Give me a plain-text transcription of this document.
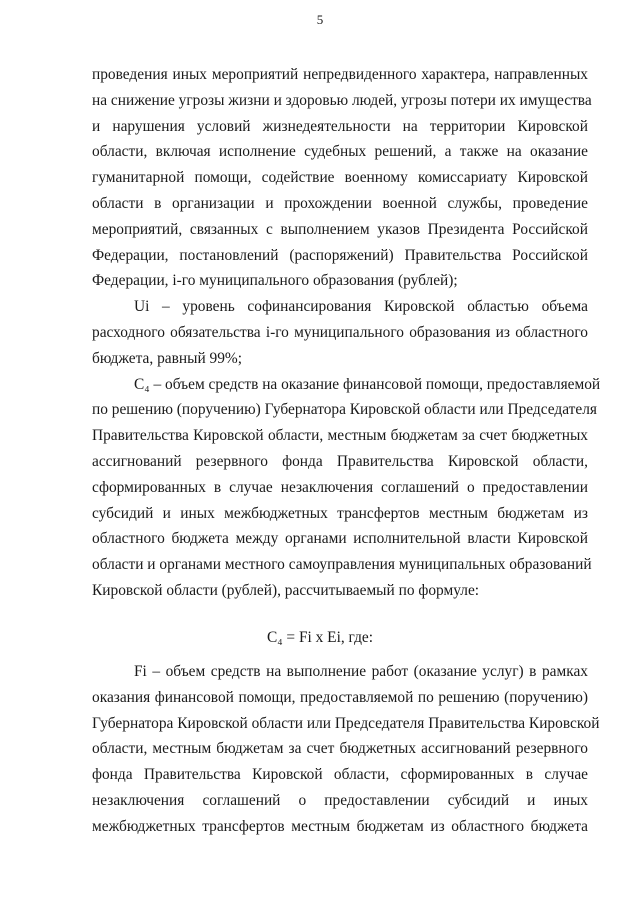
5
проведения иных мероприятий непредвиденного характера, направленных
на снижение угрозы жизни и здоровью людей, угрозы потери их имущества
и нарушения условий жизнедеятельности на территории Кировской
области, включая исполнение судебных решений, а также на оказание
гуманитарной помощи, содействие военному комиссариату Кировской
области в организации и прохождении военной службы, проведение
мероприятий, связанных с выполнением указов Президента Российской
Федерации, постановлений (распоряжений) Правительства Российской
Федерации, i-го муниципального образования (рублей);
Ui – уровень софинансирования Кировской областью объема
расходного обязательства i-го муниципального образования из областного
бюджета, равный 99%;
С₄ – объем средств на оказание финансовой помощи, предоставляемой
по решению (поручению) Губернатора Кировской области или Председателя
Правительства Кировской области, местным бюджетам за счет бюджетных
ассигнований резервного фонда Правительства Кировской области,
сформированных в случае незаключения соглашений о предоставлении
субсидий и иных межбюджетных трансфертов местным бюджетам из
областного бюджета между органами исполнительной власти Кировской
области и органами местного самоуправления муниципальных образований
Кировской области (рублей), рассчитываемый по формуле:
С₄ = Fi x Ei, где:
Fi – объем средств на выполнение работ (оказание услуг) в рамках
оказания финансовой помощи, предоставляемой по решению (поручению)
Губернатора Кировской области или Председателя Правительства Кировской
области, местным бюджетам за счет бюджетных ассигнований резервного
фонда Правительства Кировской области, сформированных в случае
незаключения соглашений о предоставлении субсидий и иных
межбюджетных трансфертов местным бюджетам из областного бюджета
